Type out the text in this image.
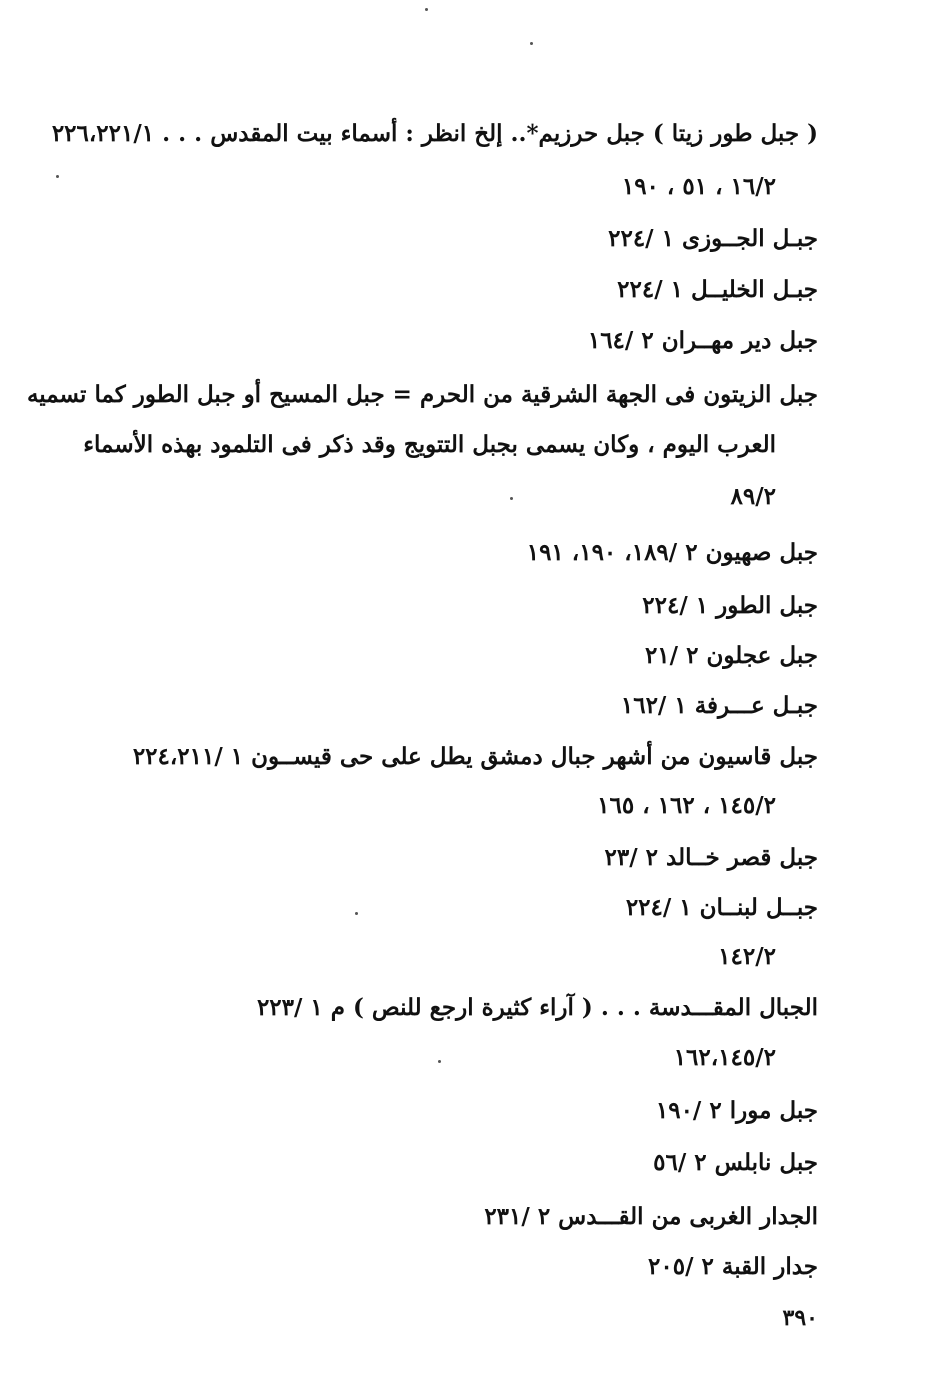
( جبل طور زيتا ) جبل حرزيم*.. إلخ انظر : أسماء بيت المقدس . . . ٢٢٦،٢٢١/١
١٦/٢ ، ٥١ ، ١٩٠
جبـل الجــوزى ١ /٢٢٤
جبـل الخليــل ١ /٢٢٤
جبل دير مهــران ٢ /١٦٤
جبل الزيتون فى الجهة الشرقية من الحرم = جبل المسيح أو جبل الطور كما تسميه
العرب اليوم ، وكان يسمى بجبل التتويج وقد ذكر فى التلمود بهذه الأسماء
٨٩/٢
جبل صهيون ٢ /١٨٩، ١٩٠، ١٩١
جبل الطور ١ /٢٢٤
جبل عجلون ٢ /٢١
جبـل عـــرفة ١ /١٦٢
جبل قاسيون من أشهر جبال دمشق يطل على حى قيســون ١ /٢٢٤،٢١١
١٤٥/٢ ، ١٦٢ ، ١٦٥
جبل قصر خــالد ٢ /٢٣
جبــل لبنــان ١ /٢٢٤
١٤٢/٢
الجبال المقـــدسة . . . ( آراء كثيرة ارجع للنص ) م ١ /٢٢٣
١٦٢،١٤٥/٢
جبل مورا ٢ /١٩٠
جبل نابلس ٢ /٥٦
الجدار الغربى من القـــدس ٢ /٢٣١
جدار القبة ٢ /٢٠٥
٣٩٠
